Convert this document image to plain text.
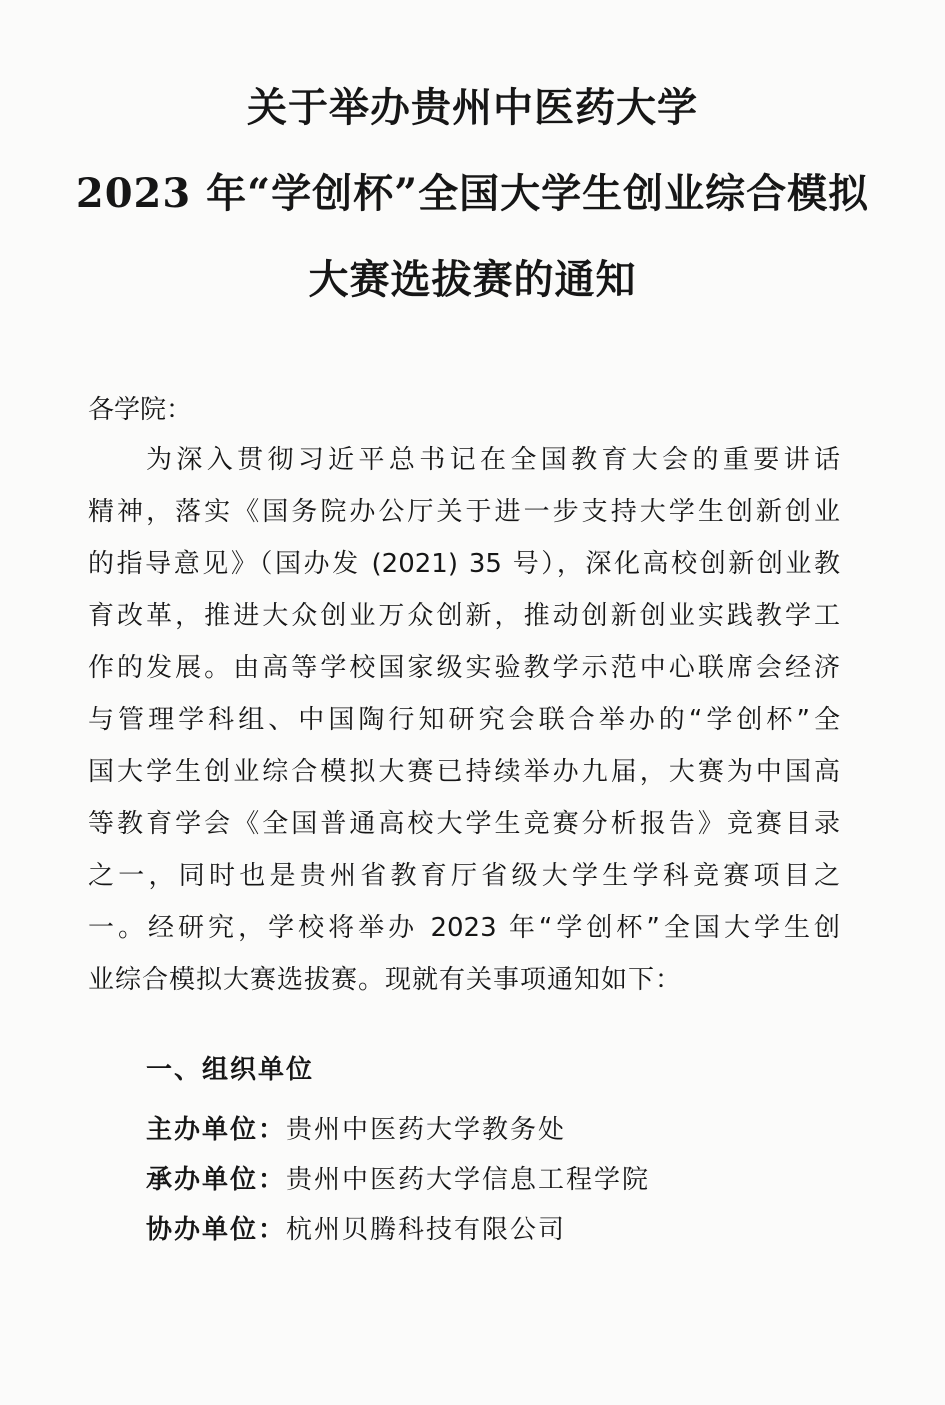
关于举办贵州中医药大学
2023 年“学创杯”全国大学生创业综合模拟
大赛选拔赛的通知
各学院：
为深入贯彻习近平总书记在全国教育大会的重要讲话
精神，落实《国务院办公厅关于进一步支持大学生创新创业
的指导意见》（国办发 (2021) 35 号），深化高校创新创业教
育改革，推进大众创业万众创新，推动创新创业实践教学工
作的发展。由高等学校国家级实验教学示范中心联席会经济
与管理学科组、中国陶行知研究会联合举办的“学创杯”全
国大学生创业综合模拟大赛已持续举办九届，大赛为中国高
等教育学会《全国普通高校大学生竞赛分析报告》竞赛目录
之一，同时也是贵州省教育厅省级大学生学科竞赛项目之
一。经研究，学校将举办 2023 年“学创杯”全国大学生创
业综合模拟大赛选拔赛。现就有关事项通知如下：
一、组织单位
主办单位：贵州中医药大学教务处
承办单位：贵州中医药大学信息工程学院
协办单位：杭州贝腾科技有限公司
